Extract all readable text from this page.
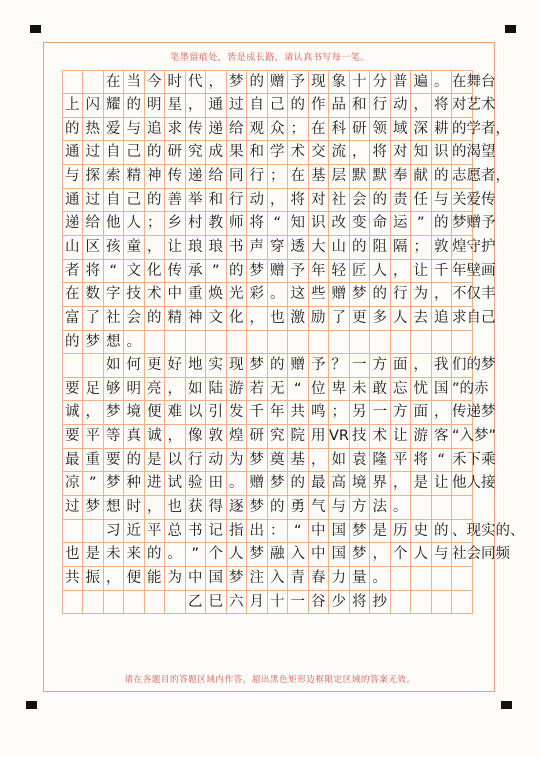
笔墨留痕处，皆是成长路，请认真书写每一笔。
在 当 今 时 代 ， 梦 的 赠 予 现 象 十 分 普 遍 。 在舞台
上 闪 耀 的 明 星 ， 通 过 自 己 的 作 品 和 行 动 ， 将 对艺术
的 热 爱 与 追 求 传 递 给 观 众 ； 在 科 研 领 域 深 耕 的学者，
通 过 自 己 的 研 究 成 果 和 学 术 交 流 ， 将 对 知 识 的渴望
与 探 索 精 神 传 递 给 同 行 ； 在 基 层 默 默 奉 献 的 志愿者，
通 过 自 己 的 善 举 和 行 动 ， 将 对 社 会 的 责 任 与 关爱传
递 给 他 人 ； 乡 村 教 师 将 “ 知 识 改 变 命 运 ” 的 梦赠予
山 区 孩 童 ， 让 琅 琅 书 声 穿 透 大 山 的 阻 隔 ； 敦 煌守护
者 将 “ 文 化 传 承 ” 的 梦 赠 予 年 轻 匠 人 ， 让 千 年壁画
在 数 字 技 术 中 重 焕 光 彩 。 这 些 赠 梦 的 行 为 ， 不仅丰
富 了 社 会 的 精 神 文 化 ， 也 激 励 了 更 多 人 去 追 求自己
的 梦 想 。
如 何 更 好 地 实 现 梦 的 赠 予 ？ 一 方 面 ， 我 们的梦
要 足 够 明 亮 ， 如 陆 游 若 无 “ 位 卑 未 敢 忘 忧 国 ”的赤
诚 ， 梦 境 便 难 以 引 发 千 年 共 鸣 ； 另 一 方 面 ， 传递梦
要 平 等 真 诚 ， 像 敦 煌 研 究 院 用 VR 技 术 让 游 客 “入梦”
最 重 要 的 是 以 行 动 为 梦 奠 基 ， 如 袁 隆 平 将 “ 禾下乘
凉 ” 梦 种 进 试 验 田 。 赠 梦 的 最 高 境 界 ， 是 让 他人接
过 梦 想 时 ， 也 获 得 逐 梦 的 勇 气 与 方 法 。
习 近 平 总 书 记 指 出 ： “ 中 国 梦 是 历 史 的 、现实的、
也 是 未 来 的 。 ” 个 人 梦 融 入 中 国 梦 ， 个 人 与 社会同频
共 振 ， 便 能 为 中 国 梦 注 入 青 春 力 量 。
乙 巳 六 月 十 一 谷 少 将 抄
请在各题目的答题区域内作答，超出黑色矩形边框限定区域的答案无效。
